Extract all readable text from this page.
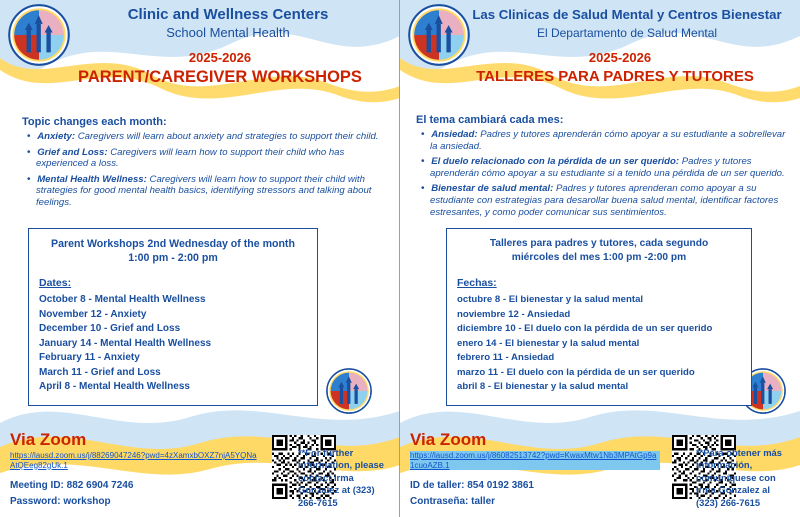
Clinic and Wellness Centers
School Mental Health
2025-2026
PARENT/CAREGIVER WORKSHOPS
Topic changes each month:
• Anxiety: Caregivers will learn about anxiety and strategies to support their child.
• Grief and Loss: Caregivers will learn how to support their child who has experienced a loss.
• Mental Health Wellness: Caregivers will learn how to support their child with strategies for good mental health basics, identifying stressors and talking about feelings.
Parent Workshops 2nd Wednesday of the month
1:00 pm - 2:00 pm
Dates:
October 8 - Mental Health Wellness
November 12 - Anxiety
December 10 - Grief and Loss
January 14 - Mental Health Wellness
February 11 - Anxiety
March 11 - Grief and Loss
April 8 - Mental Health Wellness
Via Zoom
https://lausd.zoom.us/j/88269047246?pwd=4zXamxbOXZ7njA5YQNaAtQEeg82gUk.1
Meeting ID: 882 6904 7246
Password: workshop
**For further information, please contact Irma Gonzalez at (323) 266-7615
Las Clinicas de Salud Mental y Centros Bienestar
El Departamento de Salud Mental
2025-2026
TALLERES PARA PADRES Y TUTORES
El tema cambiará cada mes:
• Ansiedad: Padres y tutores aprenderán cómo apoyar a su estudiante a sobrellevar la ansiedad.
• El duelo relacionado con la pérdida de un ser querido: Padres y tutores aprenderán cómo apoyar a su estudiante si a tenido una pérdida de un ser querido.
• Bienestar de salud mental: Padres y tutores aprenderan como apoyar a su estudiante con estrategias para desarollar buena salud mental, identificar factores estresantes, y como poder comunicar sus sentimientos.
Talleres para padres y tutores, cada segundo
miércoles del mes 1:00 pm -2:00 pm
Fechas:
octubre 8 - El bienestar y la salud mental
noviembre 12 - Ansiedad
diciembre 10 - El duelo con la pérdida de un ser querido
enero 14 - El bienestar y la salud mental
febrero 11 - Ansiedad
marzo 11 - El duelo con la pérdida de un ser querido
abril 8 - El bienestar y la salud mental
Via Zoom
https://lausd.zoom.us/j/86082513742?pwd=KwaxMtw1Nb3MPAtGp9a1cuoAZB.1
ID de taller: 854 0192 3861
Contraseña: taller
**Para obtener más información, comuníquese con Irma Gonzalez al (323) 266-7615
